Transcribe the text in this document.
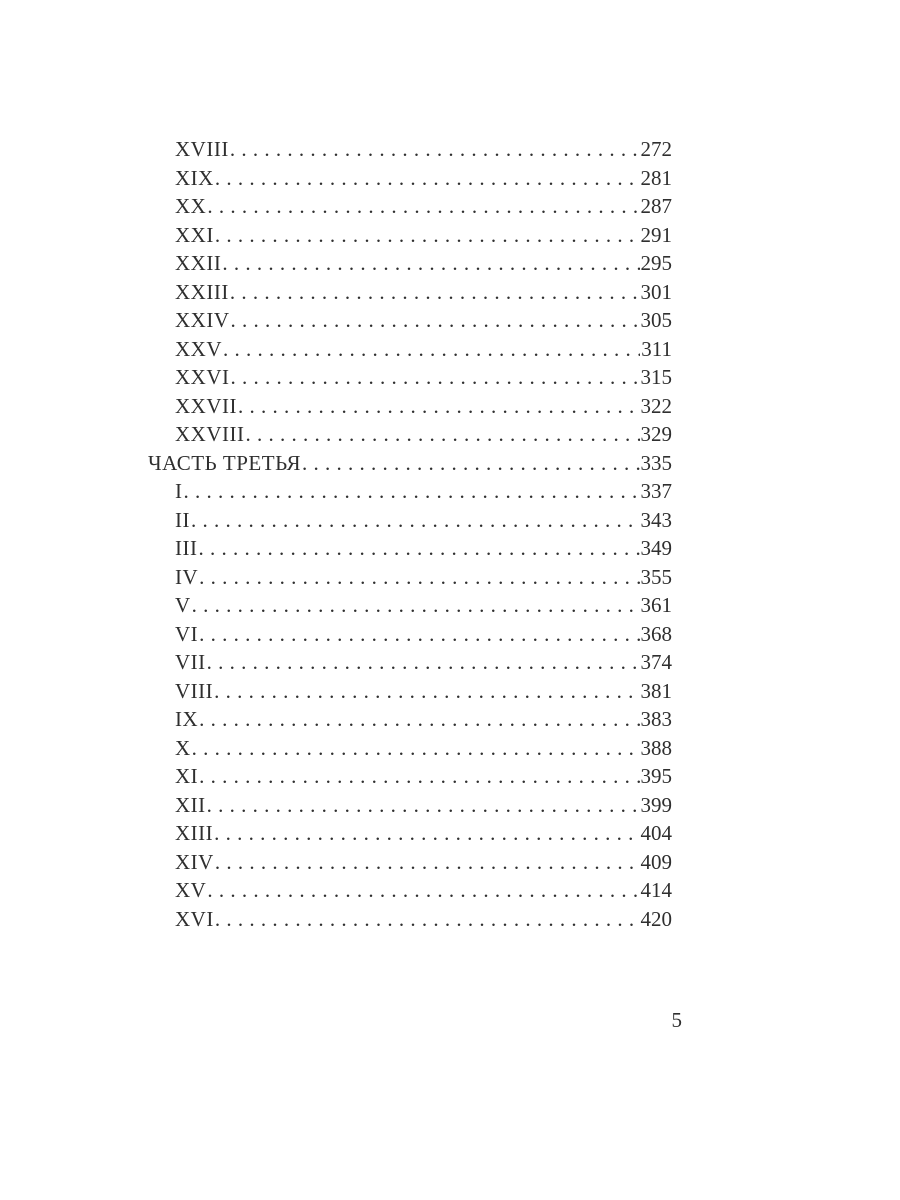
XVIII . . .	272
XIX . . .	281
XX . . .	287
XXI . . .	291
XXII . . .	295
XXIII . . .	301
XXIV . . .	305
XXV . . .	311
XXVI . . .	315
XXVII . . .	322
XXVIII . . .	329
ЧАСТЬ ТРЕТЬЯ . . .	335
I . . .	337
II . . .	343
III . . .	349
IV . . .	355
V . . .	361
VI . . .	368
VII . . .	374
VIII . . .	381
IX . . .	383
X . . .	388
XI . . .	395
XII . . .	399
XIII . . .	404
XIV . . .	409
XV . . .	414
XVI . . .	420
5
